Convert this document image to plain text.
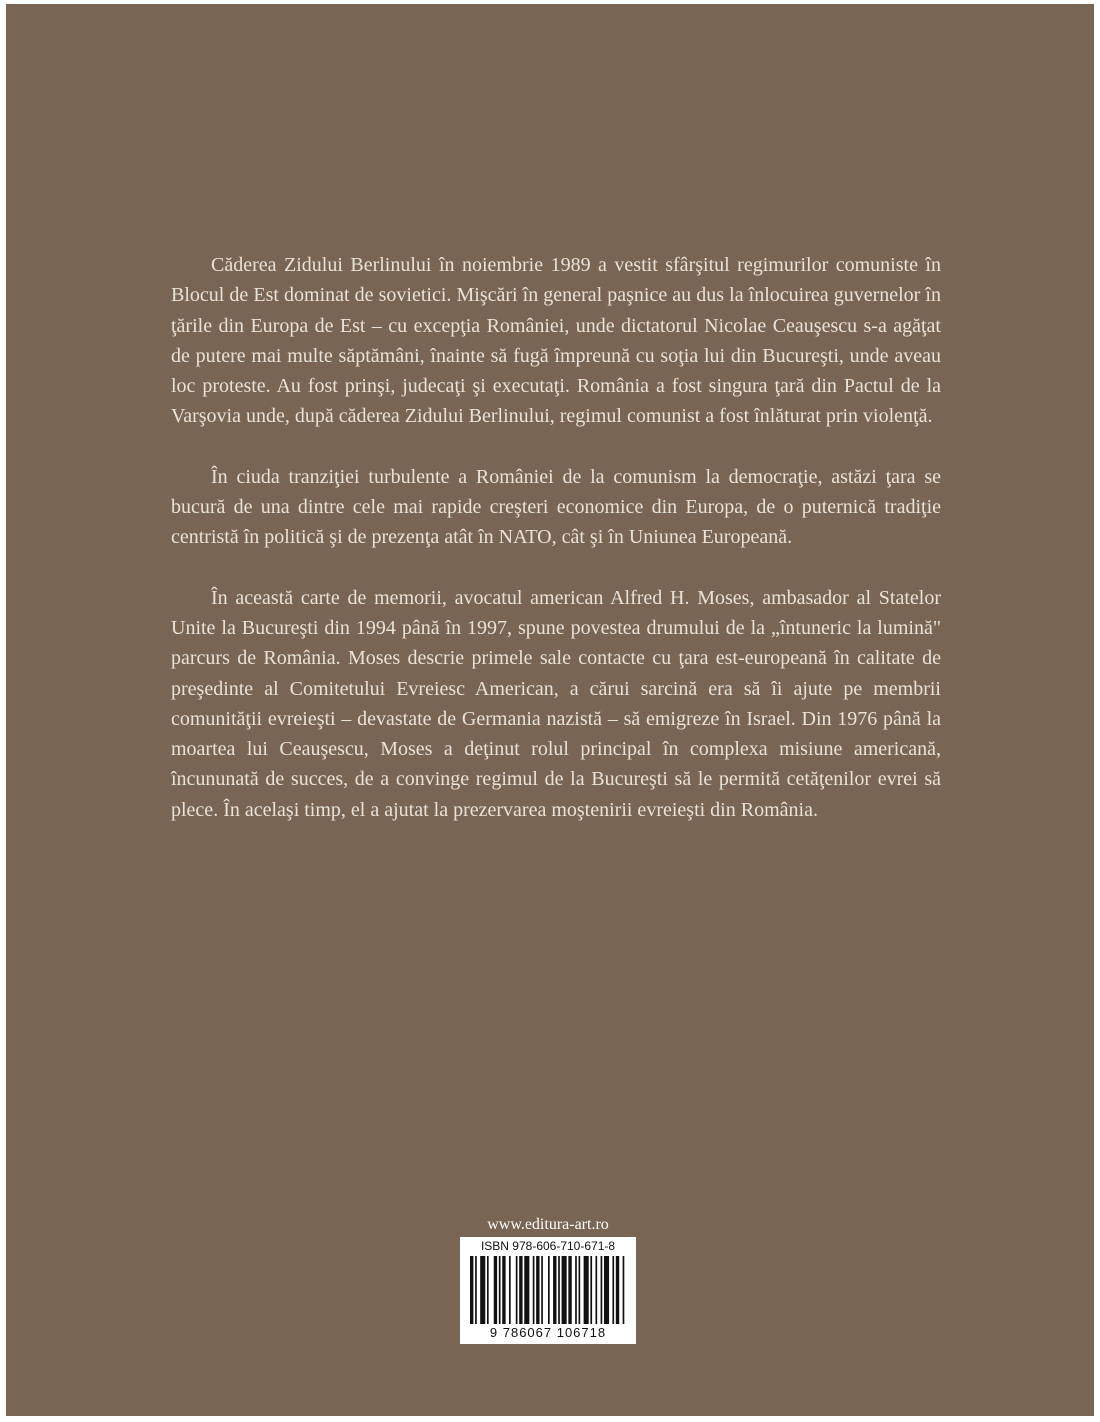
Căderea Zidului Berlinului în noiembrie 1989 a vestit sfârşitul regimurilor comuniste în Blocul de Est dominat de sovietici. Mişcări în general paşnice au dus la înlocuirea guvernelor în ţările din Europa de Est – cu excepţia României, unde dictatorul Nicolae Ceauşescu s-a agăţat de putere mai multe săptămâni, înainte să fugă împreună cu soţia lui din Bucureşti, unde aveau loc proteste. Au fost prinşi, judecaţi şi executaţi. România a fost singura ţară din Pactul de la Varşovia unde, după căderea Zidului Berlinului, regimul comunist a fost înlăturat prin violenţă.

În ciuda tranziţiei turbulente a României de la comunism la democraţie, astăzi ţara se bucură de una dintre cele mai rapide creşteri economice din Europa, de o puternică tradiţie centristă în politică şi de prezenţa atât în NATO, cât şi în Uniunea Europeană.

În această carte de memorii, avocatul american Alfred H. Moses, ambasador al Statelor Unite la Bucureşti din 1994 până în 1997, spune povestea drumului de la „întuneric la lumină" parcurs de România. Moses descrie primele sale contacte cu ţara est-europeană în calitate de preşedinte al Comitetului Evreiesc American, a cărui sarcină era să îi ajute pe membrii comunităţii evreieşti – devastate de Germania nazistă – să emigreze în Israel. Din 1976 până la moartea lui Ceauşescu, Moses a deţinut rolul principal în complexa misiune americană, încununată de succes, de a convinge regimul de la Bucureşti să le permită cetăţenilor evrei să plece. În acelaşi timp, el a ajutat la prezervarea moştenirii evreieşti din România.

www.editura-art.ro
ISBN 978-606-710-671-8
9 786067 106718
